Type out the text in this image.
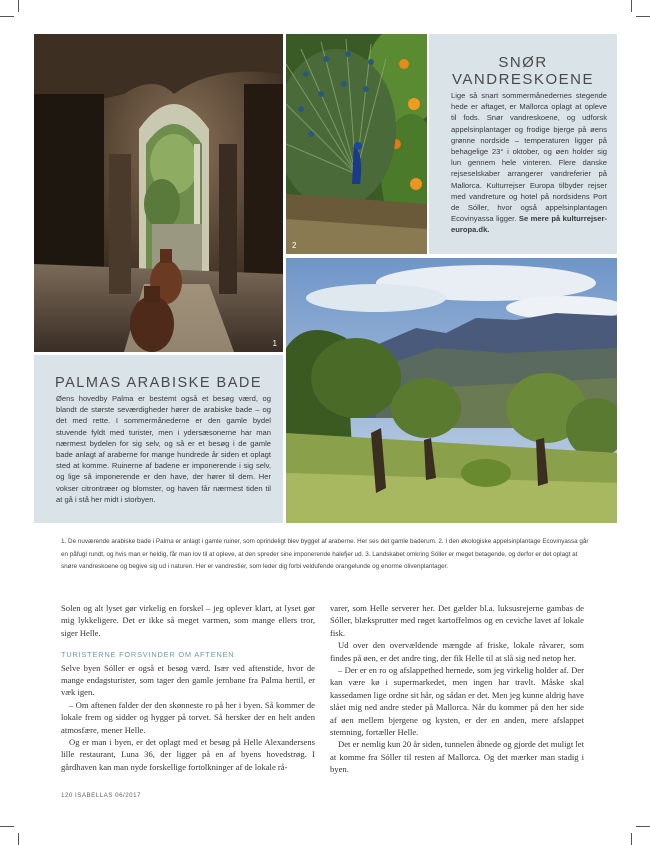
1
2
SNØR
VANDRESKOENE
Lige så snart sommermånedernes stegende hede er aftaget, er Mallorca oplagt at opleve til fods. Snør vandreskoene, og udforsk appelsinplantager og frodige bjerge på øens grønne nordside – temperaturen ligger på behagelige 23° i oktober, og øen holder sig lun gennem hele vinteren. Flere danske rejseselskaber arrangerer vandreferier på Mallorca. Kulturrejser Europa tilbyder rejser med vandreture og hotel på nordsidens Port de Sóller, hvor også appelsinplantagen Ecovinyassa ligger. Se mere på kulturrejser-europa.dk.
PALMAS ARABISKE BADE
Øens hovedby Palma er bestemt også et besøg værd, og blandt de største seværdigheder hører de arabiske bade – og det med rette. I sommermånederne er den gamle bydel stuvende fyldt med turister, men i ydersæsonerne har man nærmest bydelen for sig selv, og så er et besøg i de gamle bade anlagt af araberne for mange hundrede år siden et oplagt sted at komme. Ruinerne af badene er imponerende i sig selv, og lige så imponerende er den have, der hører til dem. Her vokser citrontræer og blomster, og haven får nærmest tiden til at gå i stå her midt i storbyen.
1. De nuværende arabiske bade i Palma er anlagt i gamle ruiner, som oprindeligt blev bygget af araberne. Her ses det gamle baderum. 2. I den økologiske appelsinplantage Ecovinyassa går en påfugl rundt, og hvis man er heldig, får man lov til at opleve, at den spreder sine imponerende halefjer ud. 3. Landskabet omkring Sóller er meget betagende, og derfor er det oplagt at snøre vandreskoene og begive sig ud i naturen. Her er vandrestier, som leder dig forbi veldufende orangelunde og enorme olivenplantager.

Solen og alt lyset gør virkelig en forskel – jeg oplever klart, at lyset gør mig lykkeligere. Det er ikke så meget varmen, som mange ellers tror, siger Helle.

TURISTERNE FORSVINDER OM AFTENEN

Selve byen Sóller er også et besøg værd. Især ved aftenstide, hvor de mange endagsturister, som tager den gamle jernbane fra Palma hertil, er væk igen.

– Om aftenen falder der den skønneste ro på her i byen. Så kommer de lokale frem og sidder og hygger på torvet. Så hersker der en helt anden atmosfære, mener Helle.

Og er man i byen, er det oplagt med et besøg på Helle Alexandersens lille restaurant, Luna 36, der ligger på en af byens hovedstrøg. I gårdhaven kan man nyde forskellige fortolkninger af de lokale rå-

varer, som Helle serverer her. Det gælder bl.a. luksusrejerne gambas de Sóller, blæksprutter med røget kartoffelmos og en ceviche lavet af lokale fisk.

Ud over den overvældende mængde af friske, lokale råvarer, som findes på øen, er det andre ting, der fik Helle til at slå sig ned netop her.

– Der er en ro og afslappethed hernede, som jeg virkelig holder af. Der kan være kø i supermarkedet, men ingen har travlt. Måske skal kassedamen lige ordne sit hår, og sådan er det. Men jeg kunne aldrig have slået mig ned andre steder på Mallorca. Når du kommer på den her side af øen mellem bjergene og kysten, er der en anden, mere afslappet stemning, fortæller Helle.

Det er nemlig kun 20 år siden, tunnelen åbnede og gjorde det muligt let at komme fra Sóller til resten af Mallorca. Og det mærker man stadig i byen.

120 ISABELLAS 06/2017
